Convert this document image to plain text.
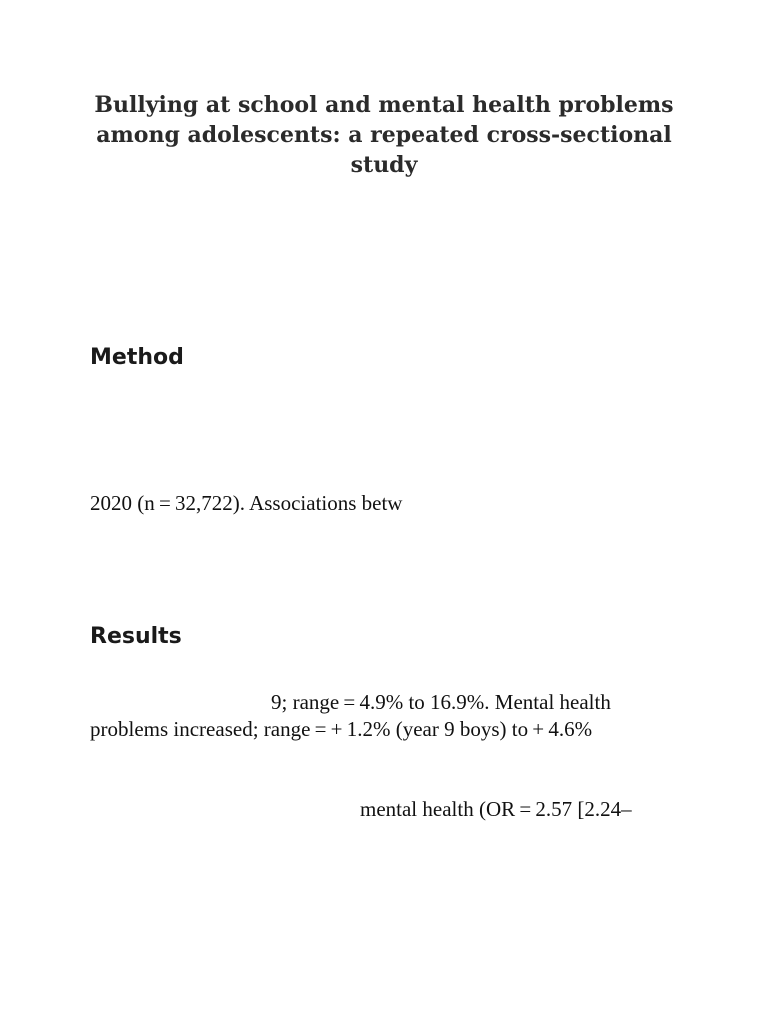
Bullying at school and mental health problems among adolescents: a repeated cross-sectional study
Method
2020 (n = 32,722). Associations betw
Results
9; range = 4.9% to 16.9%. Mental health
problems increased; range = + 1.2% (year 9 boys) to + 4.6%
mental health (OR = 2.57 [2.24–
